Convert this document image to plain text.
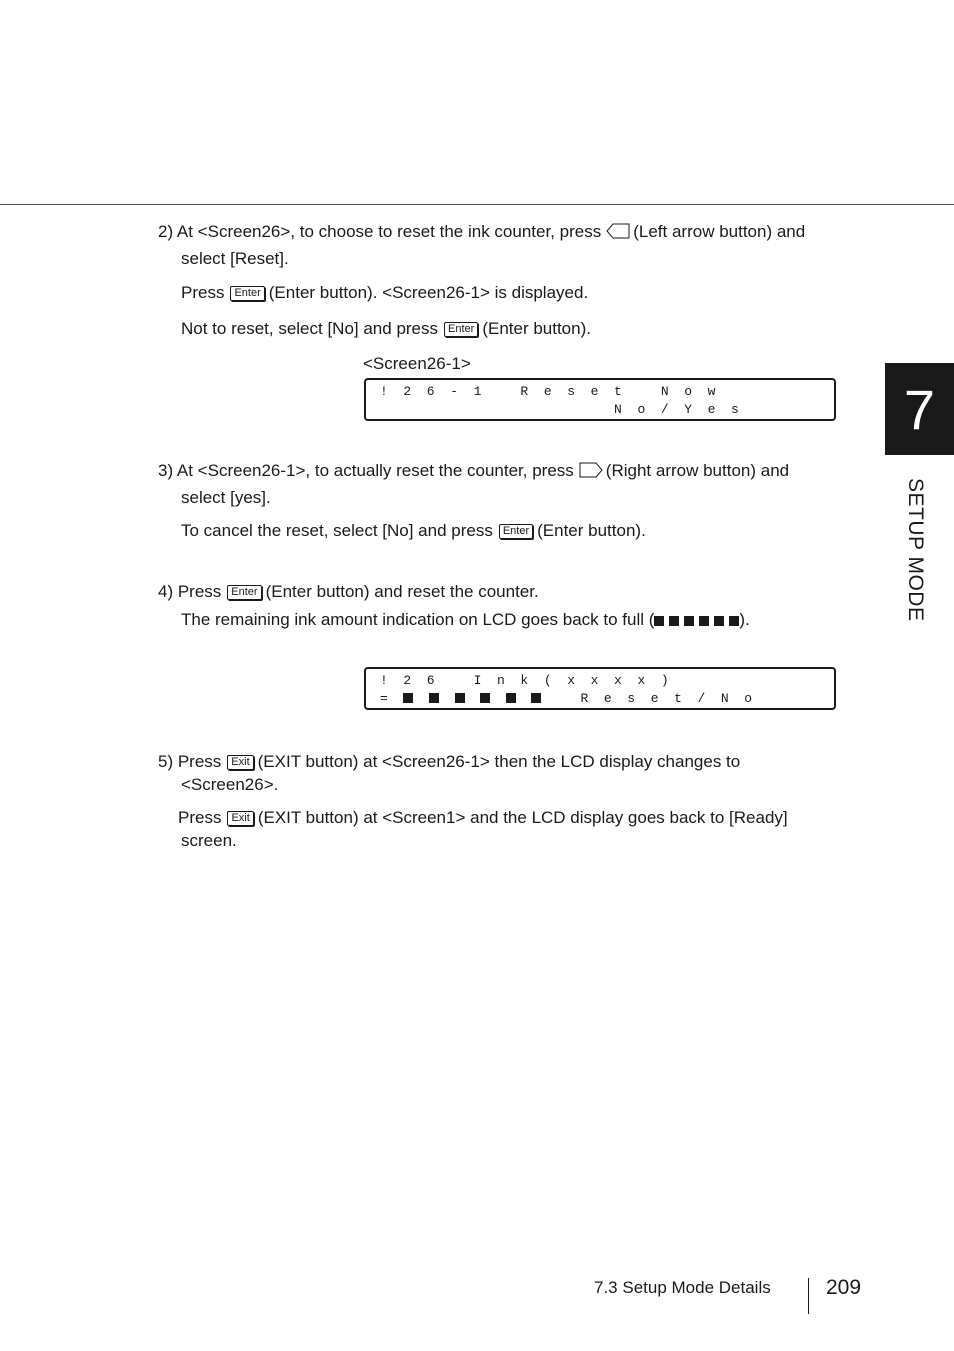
7
SETUP MODE
2) At <Screen26>, to choose to reset the ink counter, press (Left arrow button) and
select [Reset].
Press Enter (Enter button). <Screen26-1> is displayed.
Not to reset, select [No] and press Enter (Enter button).
<Screen26-1>
!  2  6  -  1     R  e  s  e  t     N  o  w
N  o  /  Y  e  s
3) At <Screen26-1>, to actually reset the counter, press (Right arrow button) and
select [yes].
To cancel the reset, select [No] and press Enter (Enter button).
4) Press Enter (Enter button) and reset the counter.
The remaining ink amount indication on LCD goes back to full (	).
!  2  6     I  n  k  (  x  x  x  x  )
=	R  e  s  e  t  /  N  o
5) Press Exit (EXIT button) at <Screen26-1> then the LCD display changes to
<Screen26>.
Press Exit (EXIT button) at <Screen1> and the LCD display goes back to [Ready]
screen.
7.3 Setup Mode Details	209
